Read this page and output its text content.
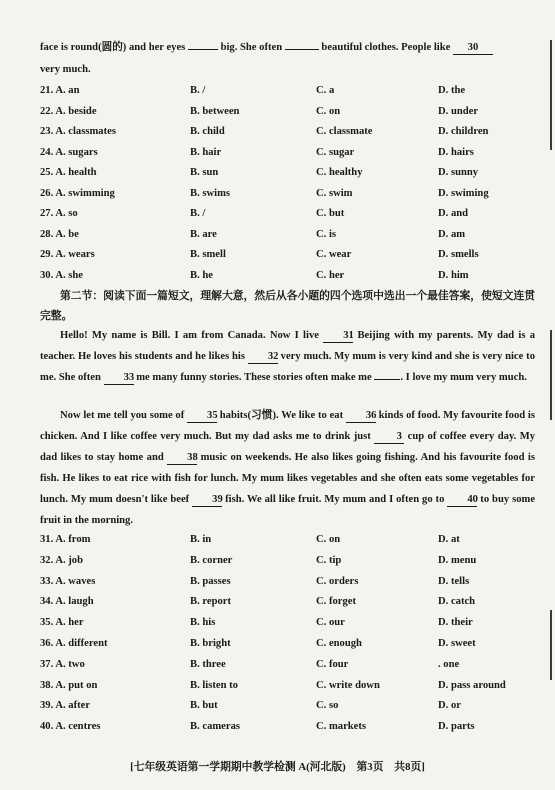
face is round(圆的) and her eyes	big. She often	beautiful clothes. People like 30
very much.
21. A. an	B. /	C. a	D. the
22. A. beside	B. between	C. on	D. under
23. A. classmates	B. child	C. classmate	D. children
24. A. sugars	B. hair	C. sugar	D. hairs
25. A. health	B. sun	C. healthy	D. sunny
26. A. swimming	B. swims	C. swim	D. swiming
27. A. so	B. /	C. but	D. and
28. A. be	B. are	C. is	D. am
29. A. wears	B. smell	C. wear	D. smells
30. A. she	B. he	C. her	D. him
第二节：阅读下面一篇短文，理解大意，然后从各小题的四个选项中选出一个最佳答案，使短文连贯完整。
Hello! My name is Bill. I am from Canada. Now I live 31 Beijing with my parents. My dad is a teacher. He loves his students and he likes his 32 very much. My mum is very kind and she is very nice to me. She often 33 me many funny stories. These stories often make me	. I love my mum very much.
Now let me tell you some of 35 habits(习惯). We like to eat 36 kinds of food. My favourite food is chicken. And I like coffee very much. But my dad asks me to drink just 3 cup of coffee every day. My dad likes to stay home and 38 music on weekends. He also likes going fishing. And his favourite food is fish. He likes to eat rice with fish for lunch. My mum likes vegetables and she often eats some vegetables for lunch. My mum doesn't like beef 39 fish. We all like fruit. My mum and I often go to 40 to buy some fruit in the morning.
31. A. from	B. in	C. on	D. at
32. A. job	B. corner	C. tip	D. menu
33. A. waves	B. passes	C. orders	D. tells
34. A. laugh	B. report	C. forget	D. catch
35. A. her	B. his	C. our	D. their
36. A. different	B. bright	C. enough	D. sweet
37. A. two	B. three	C. four	. one
38. A. put on	B. listen to	C. write down	D. pass around
39. A. after	B. but	C. so	D. or
40. A. centres	B. cameras	C. markets	D. parts
[七年级英语第一学期期中教学检测 A(河北版)　第3页　共8页]
